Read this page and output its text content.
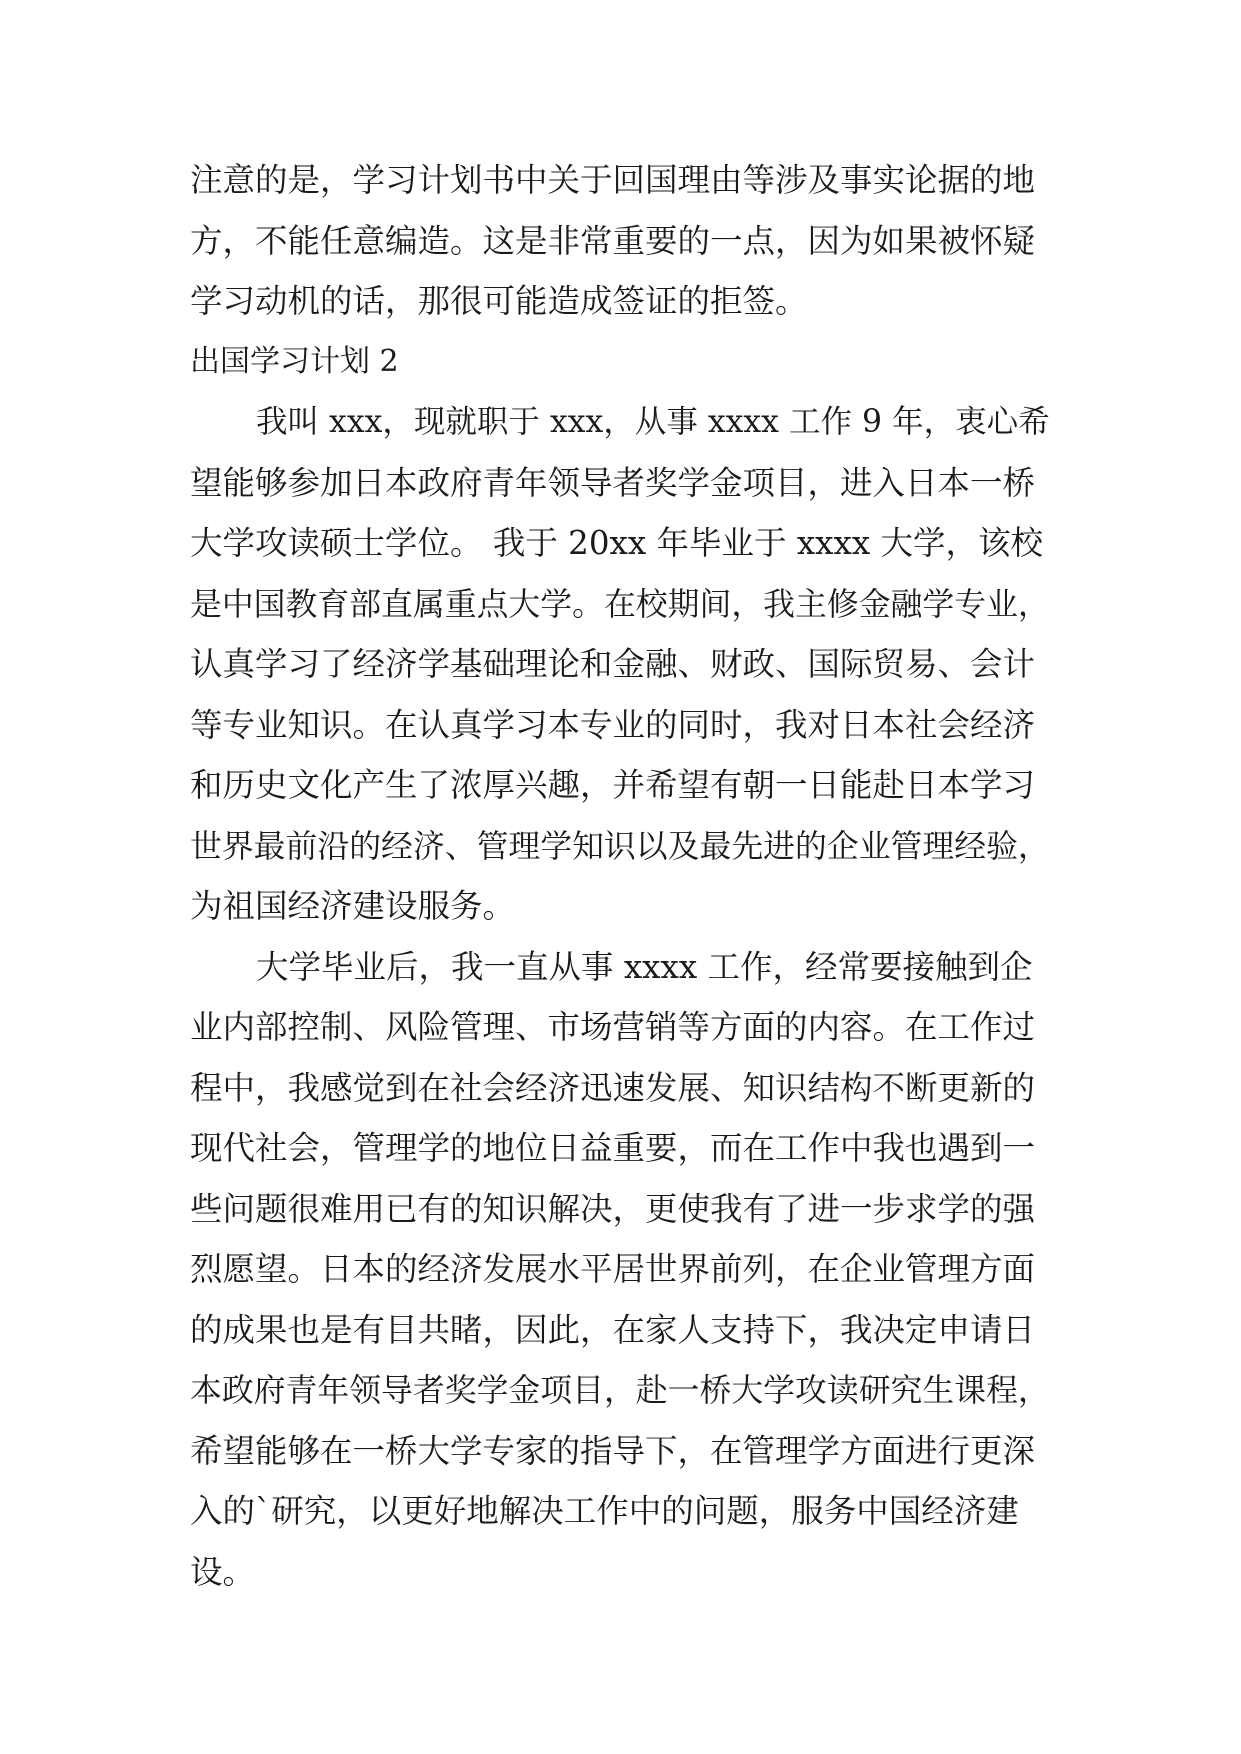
注意的是，学习计划书中关于回国理由等涉及事实论据的地
方，不能任意编造。这是非常重要的一点，因为如果被怀疑
学习动机的话，那很可能造成签证的拒签。
出国学习计划 2
我叫 xxx，现就职于 xxx，从事 xxxx 工作 9 年，衷心希
望能够参加日本政府青年领导者奖学金项目，进入日本一桥
大学攻读硕士学位。 我于 20xx 年毕业于 xxxx 大学，该校
是中国教育部直属重点大学。在校期间，我主修金融学专业，
认真学习了经济学基础理论和金融、财政、国际贸易、会计
等专业知识。在认真学习本专业的同时，我对日本社会经济
和历史文化产生了浓厚兴趣，并希望有朝一日能赴日本学习
世界最前沿的经济、管理学知识以及最先进的企业管理经验，
为祖国经济建设服务。
大学毕业后，我一直从事 xxxx 工作，经常要接触到企
业内部控制、风险管理、市场营销等方面的内容。在工作过
程中，我感觉到在社会经济迅速发展、知识结构不断更新的
现代社会，管理学的地位日益重要，而在工作中我也遇到一
些问题很难用已有的知识解决，更使我有了进一步求学的强
烈愿望。日本的经济发展水平居世界前列，在企业管理方面
的成果也是有目共睹，因此，在家人支持下，我决定申请日
本政府青年领导者奖学金项目，赴一桥大学攻读研究生课程，
希望能够在一桥大学专家的指导下，在管理学方面进行更深
入的`研究，以更好地解决工作中的问题，服务中国经济建
设。
